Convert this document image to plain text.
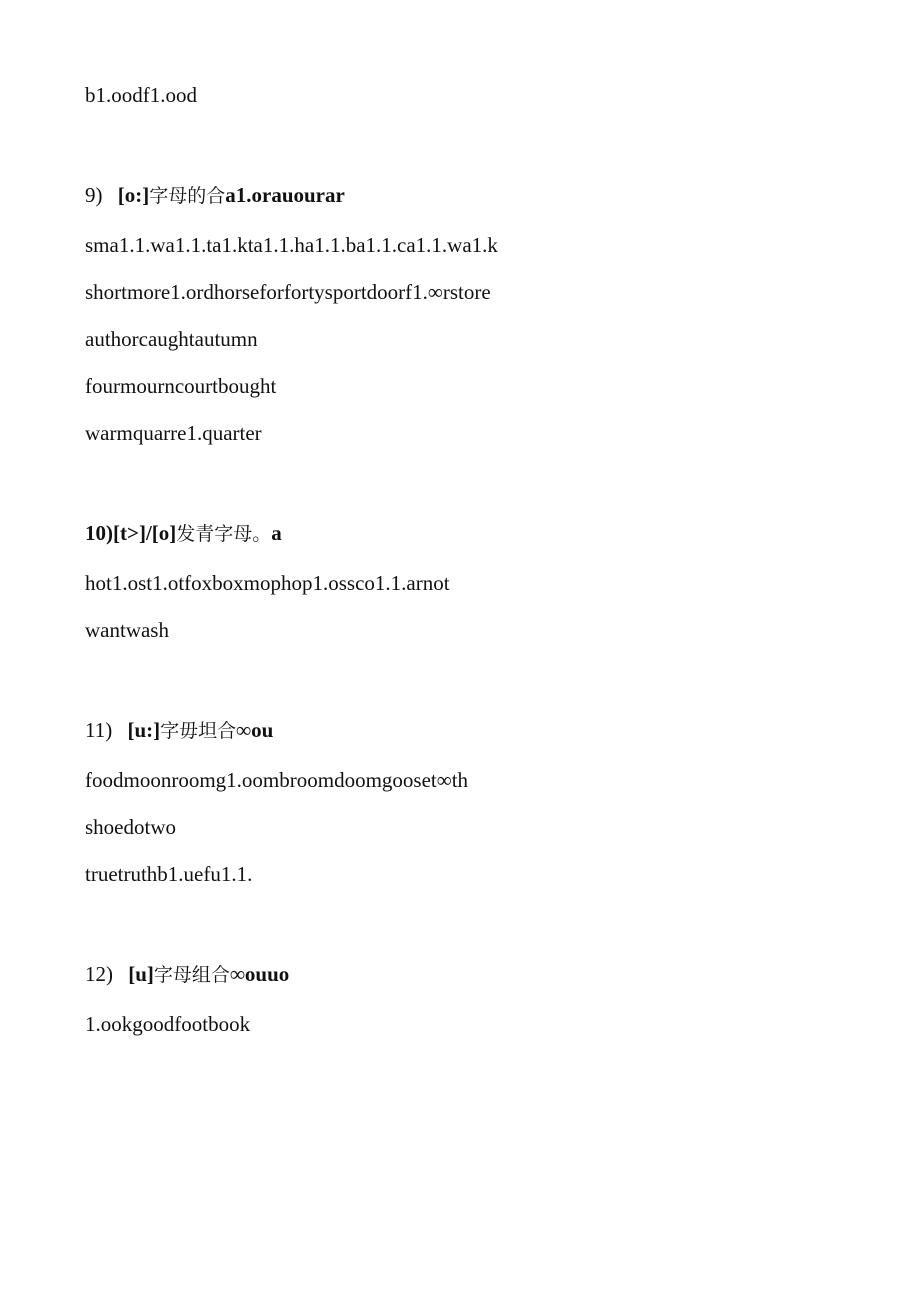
b1.oodf1.ood
9) [o:]字母的合a1.orauourar
sma1.1.wa1.1.ta1.kta1.1.ha1.1.ba1.1.ca1.1.wa1.k
shortmore1.ordhorseforfortysportdoorf1.∞rstore
authorcaughtautumn
fourmourncourtbought
warmquarre1.quarter
10)[t>]/[o]发青字母。a
hot1.ost1.otfoxboxmophop1.ossco1.1.arnot
wantwash
11) [u:]字毋坦合∞ou
foodmoonroomg1.oombroomdoomgooset∞th
shoedotwo
truetruthb1.uefu1.1.
12) [u]字母组合∞ouuo
1.ookgoodfootbook
